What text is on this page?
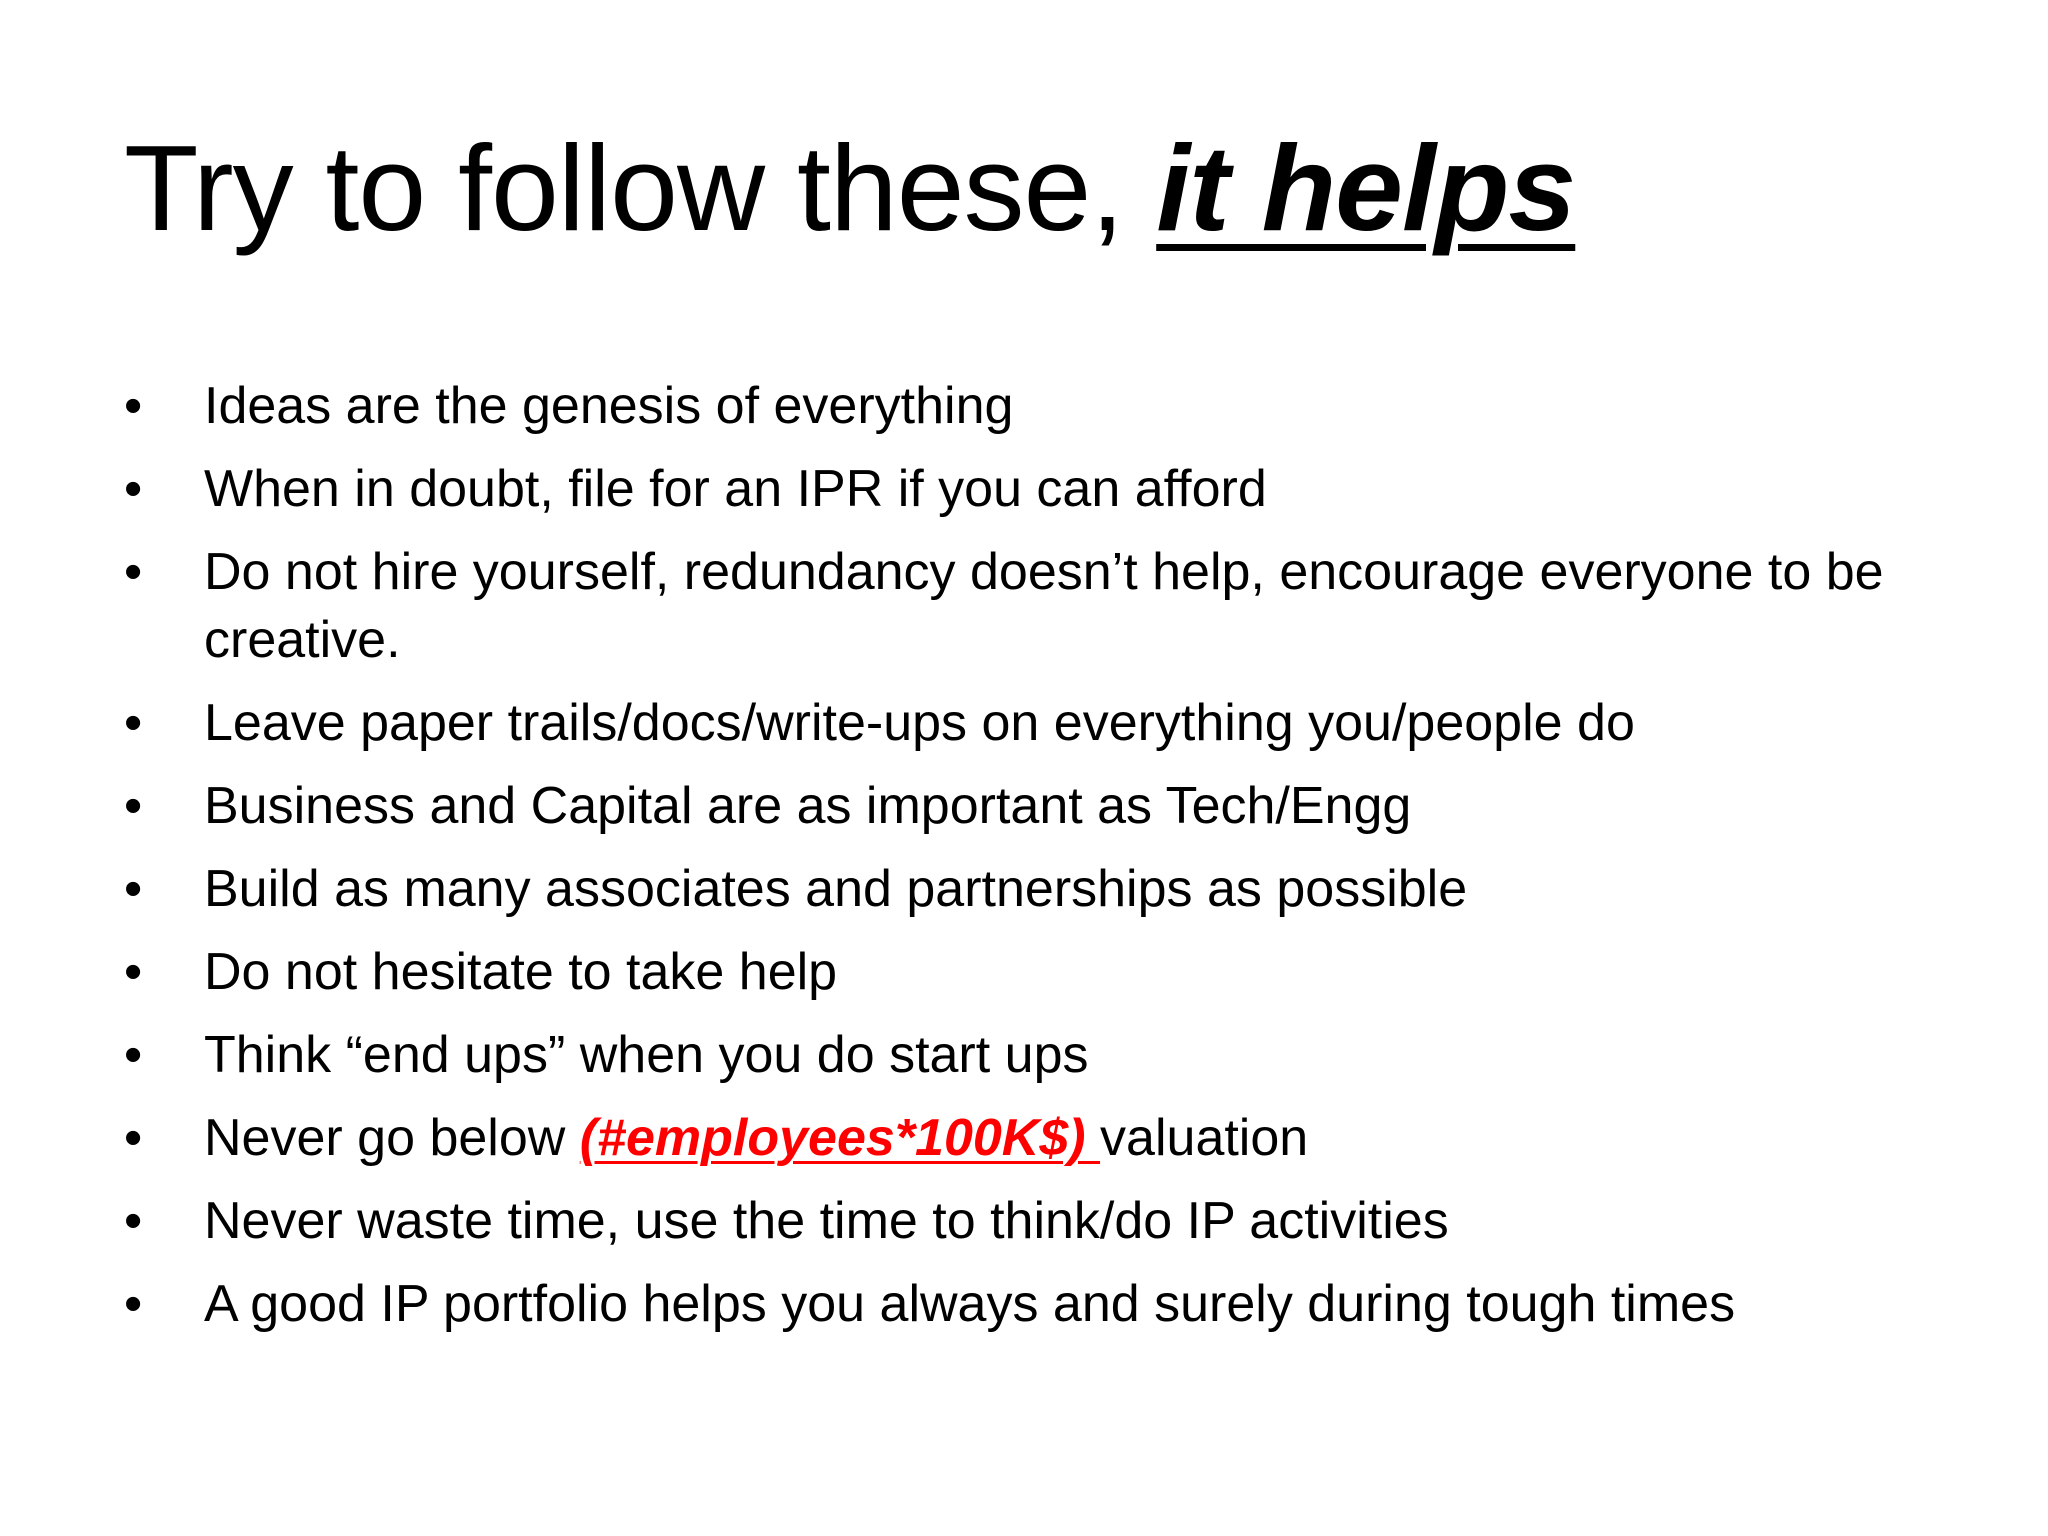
Try to follow these, it helps
•	Ideas are the genesis of everything
•	When in doubt, file for an IPR if you can afford
•	Do not hire yourself, redundancy doesn’t help, encourage everyone to be creative.
•	Leave paper trails/docs/write-ups on everything you/people do
•	Business and Capital are as important as Tech/Engg
•	Build as many associates and partnerships as possible
•	Do not hesitate to take help
•	Think “end ups” when you do start ups
•	Never go below (#employees*100K$) valuation
•	Never waste time, use the time to think/do IP activities
•	A good IP portfolio helps you always and surely during tough times
